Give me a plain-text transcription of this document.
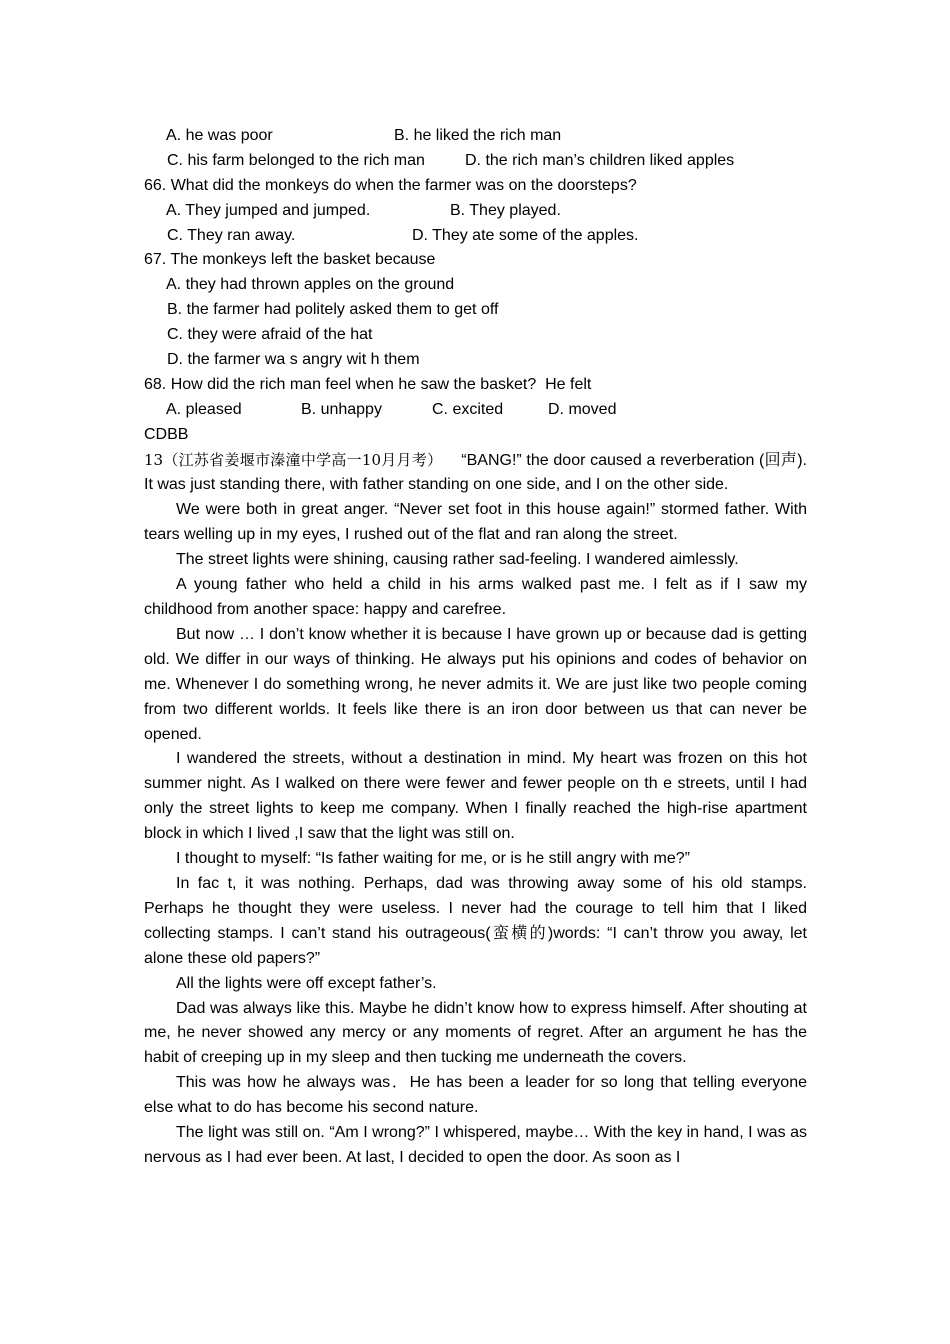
A. he was poor

	B. he liked the rich man

C. his farm belonged to the rich man

	D. the rich man’s children liked apples

66. What did the monkeys do when the farmer was on the doorsteps?

A. They jumped and jumped.

	B. They played.

C. They ran away.

	D. They ate some of the apples.

67. The monkeys left the basket because
A. they had thrown apples on the ground
B. the farmer had politely asked them to get off
C. they were afraid of the hat
D. the farmer wa s angry wit h them
68. How did the rich man feel when he saw the basket?  He felt

A. pleased

	B. unhappy

	C. excited

	D. moved

CDBB

13（江苏省姜堰市溱潼中学高一10月月考）    “BANG!” the door caused a reverberation (回声). It was just standing there, with father standing on one side, and I on the other side.

We were both in great anger. “Never set foot in this house again!” stormed father. With tears welling up in my eyes, I rushed out of the flat and ran along the street.

The street lights were shining, causing rather sad-feeling. I wandered aimlessly.

A young father who held a child in his arms walked past me. I felt as if I saw my childhood from another space: happy and carefree.

But now … I don’t know whether it is because I have grown up or because dad is getting old. We differ in our ways of thinking. He always put his opinions and codes of behavior on me. Whenever I do something wrong, he never admits it. We are just like two people coming from two different worlds. It feels like there is an iron door between us that can never be opened.

I wandered the streets, without a destination in mind. My heart was frozen on this hot summer night. As I walked on there were fewer and fewer people on th e streets, until I had only the street lights to keep me company. When I finally reached the high-rise apartment block in which I lived ,I saw that the light was still on.

I thought to myself: “Is father waiting for me, or is he still angry with me?”

In fac t, it was nothing. Perhaps, dad was throwing away some of his old stamps. Perhaps he thought they were useless. I never had the courage to tell him that I liked collecting stamps. I can’t stand his outrageous(蛮横的)words: “I can’t throw you away, let alone these old papers?”

All the lights were off except father’s.

Dad was always like this. Maybe he didn’t know how to express himself. After shouting at me, he never showed any mercy or any moments of regret. After an argument he has the habit of creeping up in my sleep and then tucking me underneath the covers.

This was how he always was．He has been a leader for so long that telling everyone else what to do has become his second nature.

The light was still on. “Am I wrong?” I whispered, maybe… With the key in hand, I was as nervous as I had ever been. At last, I decided to open the door. As soon as I
